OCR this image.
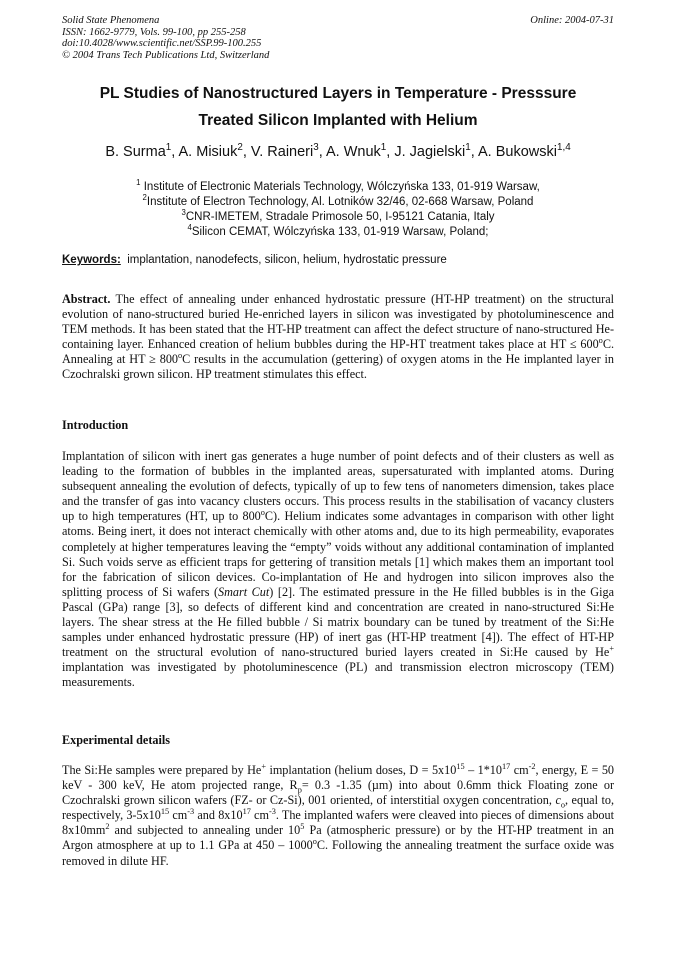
Solid State Phenomena
ISSN: 1662-9779, Vols. 99-100, pp 255-258
doi:10.4028/www.scientific.net/SSP.99-100.255
© 2004 Trans Tech Publications Ltd, Switzerland
Online: 2004-07-31
PL Studies of Nanostructured Layers in Temperature - Presssure
Treated Silicon Implanted with Helium
B. Surma$^1$, A. Misiuk$^2$, V. Raineri$^3$, A. Wnuk$^1$, J. Jagielski$^1$, A. Bukowski$^{1,4}$
$^1$ Institute of Electronic Materials Technology, Wólczyńska 133, 01-919 Warsaw,
$^2$Institute of Electron Technology, Al. Lotników 32/46, 02-668 Warsaw, Poland
$^3$CNR-IMETEM, Stradale Primosole 50, I-95121 Catania, Italy
$^4$Silicon CEMAT, Wólczyńska 133, 01-919 Warsaw, Poland;
Keywords: implantation, nanodefects, silicon, helium, hydrostatic pressure
Abstract. The effect of annealing under enhanced hydrostatic pressure (HT-HP treatment) on the structural evolution of nano-structured buried He-enriched layers in silicon was investigated by photoluminescence and TEM methods. It has been stated that the HT-HP treatment can affect the defect structure of nano-structured He-containing layer. Enhanced creation of helium bubbles during the HP-HT treatment takes place at HT ≤ $600^oC$. Annealing at HT ≥ $800^oC$ results in the accumulation (gettering) of oxygen atoms in the He implanted layer in Czochralski grown silicon. HP treatment stimulates this effect.
Introduction
Implantation of silicon with inert gas generates a huge number of point defects and of their clusters as well as leading to the formation of bubbles in the implanted areas, supersaturated with implanted atoms. During subsequent annealing the evolution of defects, typically of up to few tens of nanometers dimension, takes place and the transfer of gas into vacancy clusters occurs. This process results in the stabilisation of vacancy clusters up to high temperatures (HT, up to 800$^o$C). Helium indicates some advantages in comparison with other light atoms. Being inert, it does not interact chemically with other atoms and, due to its high permeability, evaporates completely at higher temperatures leaving the “empty” voids without any additional contamination of implanted Si. Such voids serve as efficient traps for gettering of transition metals [1] which makes them an important tool for the fabrication of silicon devices. Co-implantation of He and hydrogen into silicon improves also the splitting process of Si wafers (Smart Cut) [2]. The estimated pressure in the He filled bubbles is in the Giga Pascal (GPa) range [3], so defects of different kind and concentration are created in nano-structured Si:He layers. The shear stress at the He filled bubble / Si matrix boundary can be tuned by treatment of the Si:He samples under enhanced hydrostatic pressure (HP) of inert gas (HT-HP treatment [4]). The effect of HT-HP treatment on the structural evolution of nano-structured buried layers created in Si:He caused by He+ implantation was investigated by photoluminescence (PL) and transmission electron microscopy (TEM) measurements.
Experimental details
The Si:He samples were prepared by He+ implantation (helium doses, $D = 5x10^{15} - 1*10^{17}$ $cm^{-2}$, energy, E = 50 keV - 300 keV, He atom projected range, $R_p= 0.3$ -1.35 (µm) into about 0.6mm thick Floating zone or Czochralski grown silicon wafers (FZ- or Cz-Si), 001 oriented, of interstitial oxygen concentration, $c_o$, equal to, respectively, $3-5x10^{15}$ $cm^{-3}$ and $8x10^{17}$ $cm^{-3}$. The implanted wafers were cleaved into pieces of dimensions about $8x10mm^2$ and subjected to annealing under $10^5$ Pa (atmospheric pressure) or by the HT-HP treatment in an Argon atmosphere at up to 1.1 GPa at 450 – 1000$^o$C. Following the annealing treatment the surface oxide was removed in dilute HF.
